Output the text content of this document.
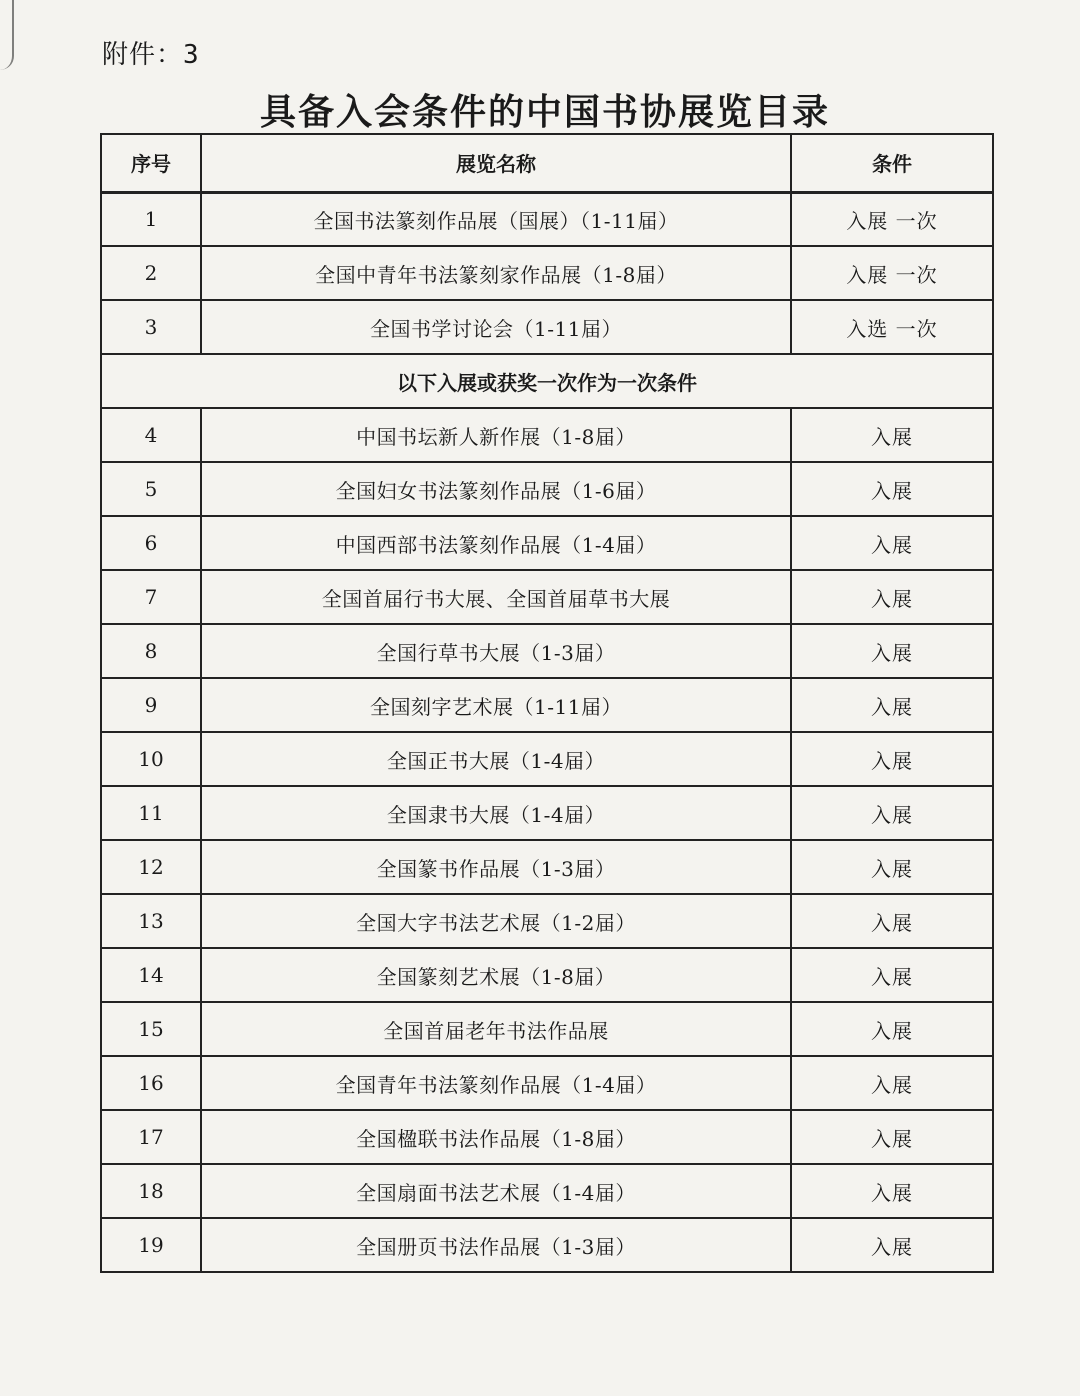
附件：3
具备入会条件的中国书协展览目录
序号	展览名称	条件
1	全国书法篆刻作品展（国展）（1-11届）	入展 一次
2	全国中青年书法篆刻家作品展（1-8届）	入展 一次
3	全国书学讨论会（1-11届）	入选 一次
以下入展或获奖一次作为一次条件		
4	中国书坛新人新作展（1-8届）	入展
5	全国妇女书法篆刻作品展（1-6届）	入展
6	中国西部书法篆刻作品展（1-4届）	入展
7	全国首届行书大展、全国首届草书大展	入展
8	全国行草书大展（1-3届）	入展
9	全国刻字艺术展（1-11届）	入展
10	全国正书大展（1-4届）	入展
11	全国隶书大展（1-4届）	入展
12	全国篆书作品展（1-3届）	入展
13	全国大字书法艺术展（1-2届）	入展
14	全国篆刻艺术展（1-8届）	入展
15	全国首届老年书法作品展	入展
16	全国青年书法篆刻作品展（1-4届）	入展
17	全国楹联书法作品展（1-8届）	入展
18	全国扇面书法艺术展（1-4届）	入展
19	全国册页书法作品展（1-3届）	入展
